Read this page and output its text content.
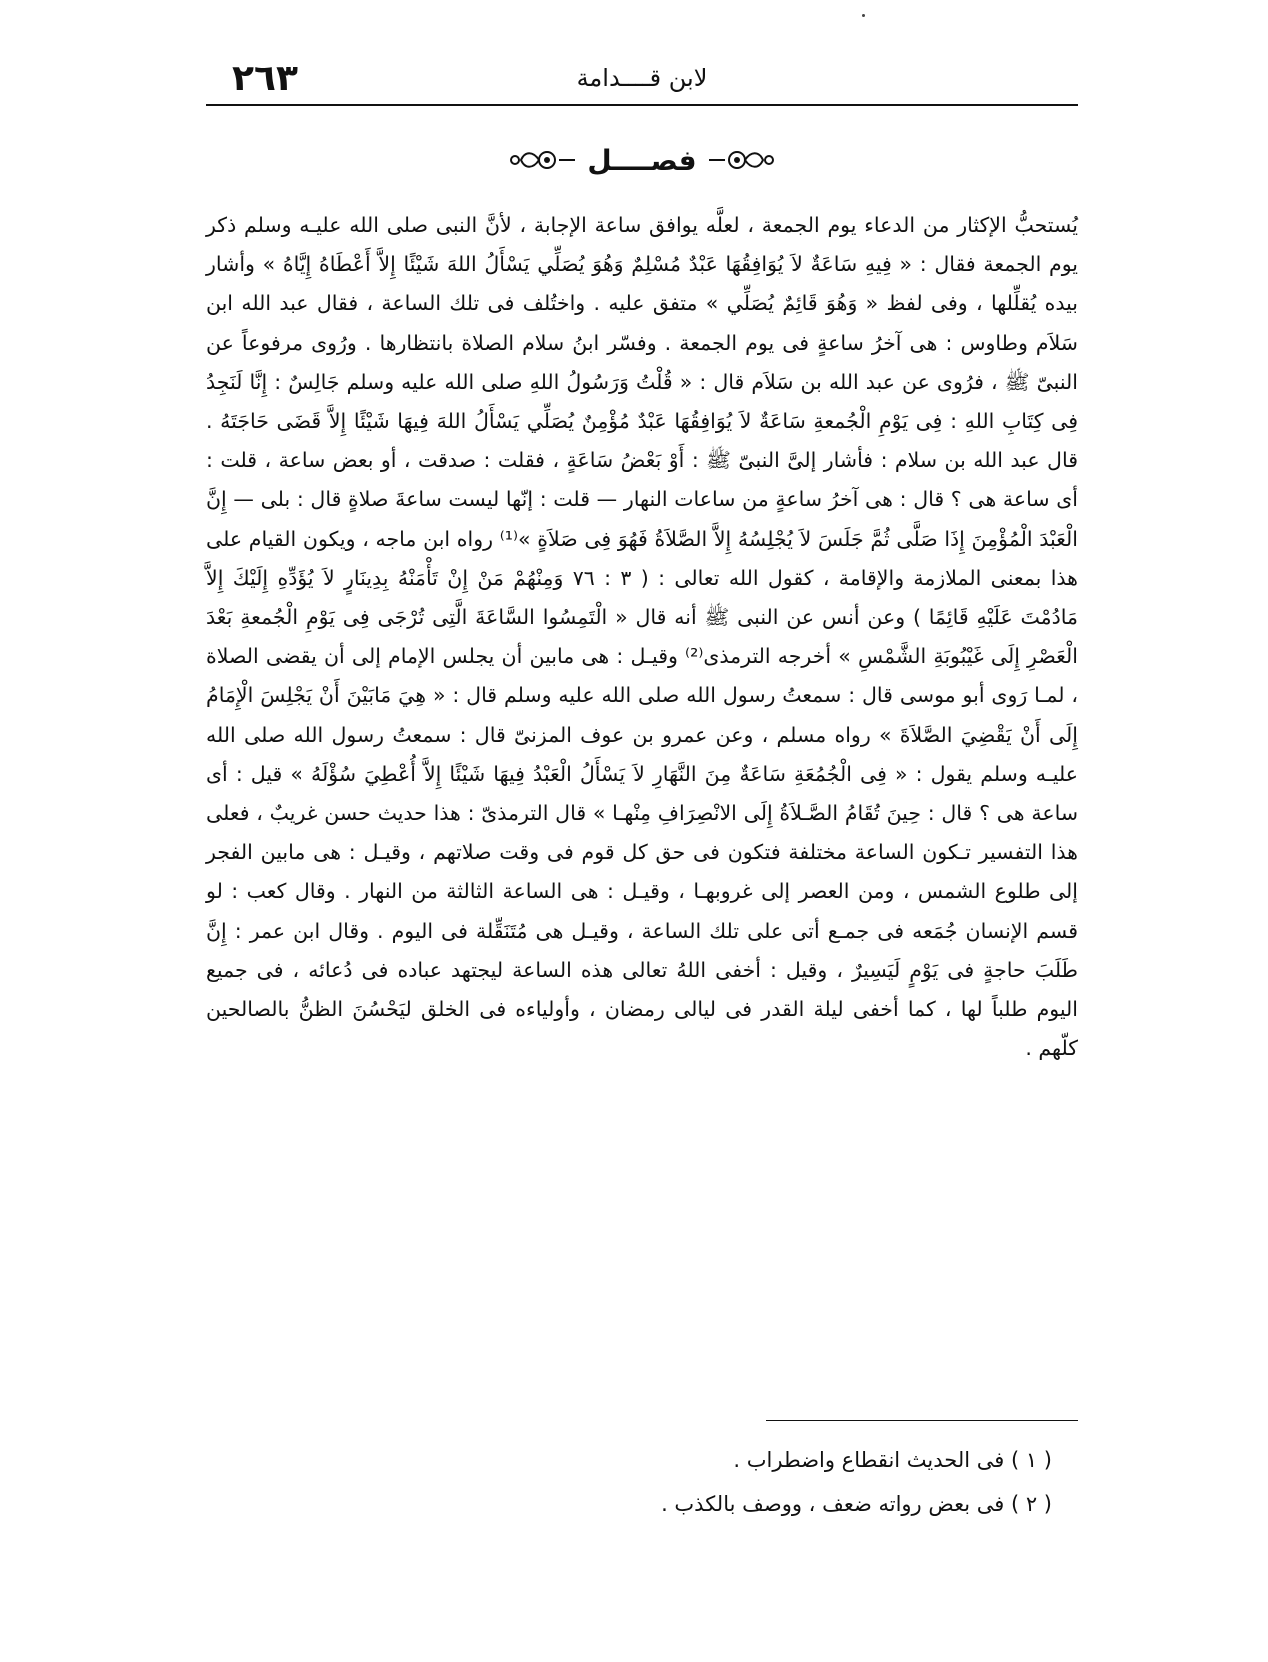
٢٦٣	لابن قــــدامة
فصــــل

يُستحبُّ الإكثار من الدعاء يوم الجمعة ، لعلَّه يوافق ساعة الإجابة ، لأنَّ النبى صلى الله عليـه وسلم ذكر يوم الجمعة فقال : « فِيهِ سَاعَةٌ لاَ يُوَافِقُهَا عَبْدٌ مُسْلِمٌ وَهُوَ يُصَلِّي يَسْأَلُ اللهَ شَيْئًا إِلاَّ أَعْطَاهُ إِيَّاهُ » وأشار بيده يُقلِّلها ، وفى لفظ « وَهُوَ قَائِمٌ يُصَلِّي » متفق عليه . واختُلف فى تلك الساعة ، فقال عبد الله ابن سَلاَم وطاوس : هى آخرُ ساعةٍ فى يوم الجمعة . وفسّر ابنُ سلام الصلاة بانتظارها . ورُوى مرفوعاً عن النبىّ ﷺ ، فرُوى عن عبد الله بن سَلاَم قال : « قُلْتُ وَرَسُولُ اللهِ صلى الله عليه وسلم جَالِسٌ : إِنَّا لَنَجِدُ فِى كِتَابِ اللهِ : فِى يَوْمِ الْجُمعةِ سَاعَةٌ لاَ يُوَافِقُهَا عَبْدٌ مُؤْمِنٌ يُصَلِّي يَسْأَلُ اللهَ فِيهَا شَيْئًا إِلاَّ قَضَى حَاجَتَهُ . قال عبد الله بن سلام : فأشار إلىَّ النبىّ ﷺ : أَوْ بَعْضُ سَاعَةٍ ، فقلت : صدقت ، أو بعض ساعة ، قلت : أى ساعة هى ؟ قال : هى آخرُ ساعةٍ من ساعات النهار — قلت : إنّها ليست ساعةَ صلاةٍ قال : بلى — إِنَّ الْعَبْدَ الْمُؤْمِنَ إِذَا صَلَّى ثُمَّ جَلَسَ لاَ يُجْلِسُهُ إِلاَّ الصَّلاَةُ فَهُوَ فِى صَلاَةٍ »⁽¹⁾ رواه ابن ماجه ، ويكون القيام على هذا بمعنى الملازمة والإقامة ، كقول الله تعالى : ( ٣ : ٧٦ وَمِنْهُمْ مَنْ إِنْ تَأْمَنْهُ بِدِينَارٍ لاَ يُؤَدِّهِ إِلَيْكَ إِلاَّ مَادُمْتَ عَلَيْهِ قَائِمًا ) وعن أنس عن النبى ﷺ أنه قال « الْتَمِسُوا السَّاعَةَ الَّتِى تُرْجَى فِى يَوْمِ الْجُمعةِ بَعْدَ الْعَصْرِ إِلَى غَيْبُوبَةِ الشَّمْسِ » أخرجه الترمذى⁽²⁾ وقيـل : هى مابين أن يجلس الإمام إلى أن يقضى الصلاة ، لمـا رَوى أبو موسى قال : سمعتُ رسول الله صلى الله عليه وسلم قال : « هِيَ مَابَيْنَ أَنْ يَجْلِسَ الْإِمَامُ إِلَى أَنْ يَقْضِيَ الصَّلاَةَ » رواه مسلم ، وعن عمرو بن عوف المزنىّ قال : سمعتُ رسول الله صلى الله عليـه وسلم يقول : « فِى الْجُمُعَةِ سَاعَةٌ مِنَ النَّهَارِ لاَ يَسْأَلُ الْعَبْدُ فِيهَا شَيْئًا إِلاَّ أُعْطِيَ سُؤْلَهُ » قيل : أى ساعة هى ؟ قال : حِينَ تُقَامُ الصَّـلاَةُ إِلَى الانْصِرَافِ مِنْهـا » قال الترمذىّ : هذا حديث حسن غريبٌ ، فعلى هذا التفسير تـكون الساعة مختلفة فتكون فى حق كل قوم فى وقت صلاتهم ، وقيـل : هى مابين الفجر إلى طلوع الشمس ، ومن العصر إلى غروبهـا ، وقيـل : هى الساعة الثالثة من النهار . وقال كعب : لو قسم الإنسان جُمَعه فى جمـع أتى على تلك الساعة ، وقيـل هى مُتَنَقِّلة فى اليوم . وقال ابن عمر : إِنَّ طَلَبَ حاجةٍ فى يَوْمٍ لَيَسِيرٌ ، وقيل : أخفى اللهُ تعالى هذه الساعة ليجتهد عباده فى دُعائه ، فى جميع اليوم طلباً لها ، كما أخفى ليلة القدر فى ليالى رمضان ، وأولياءه فى الخلق ليَحْسُنَ الظنُّ بالصالحين كلّهم .

( ١ ) فى الحديث انقطاع واضطراب .
( ٢ ) فى بعض رواته ضعف ، ووصف بالكذب .
